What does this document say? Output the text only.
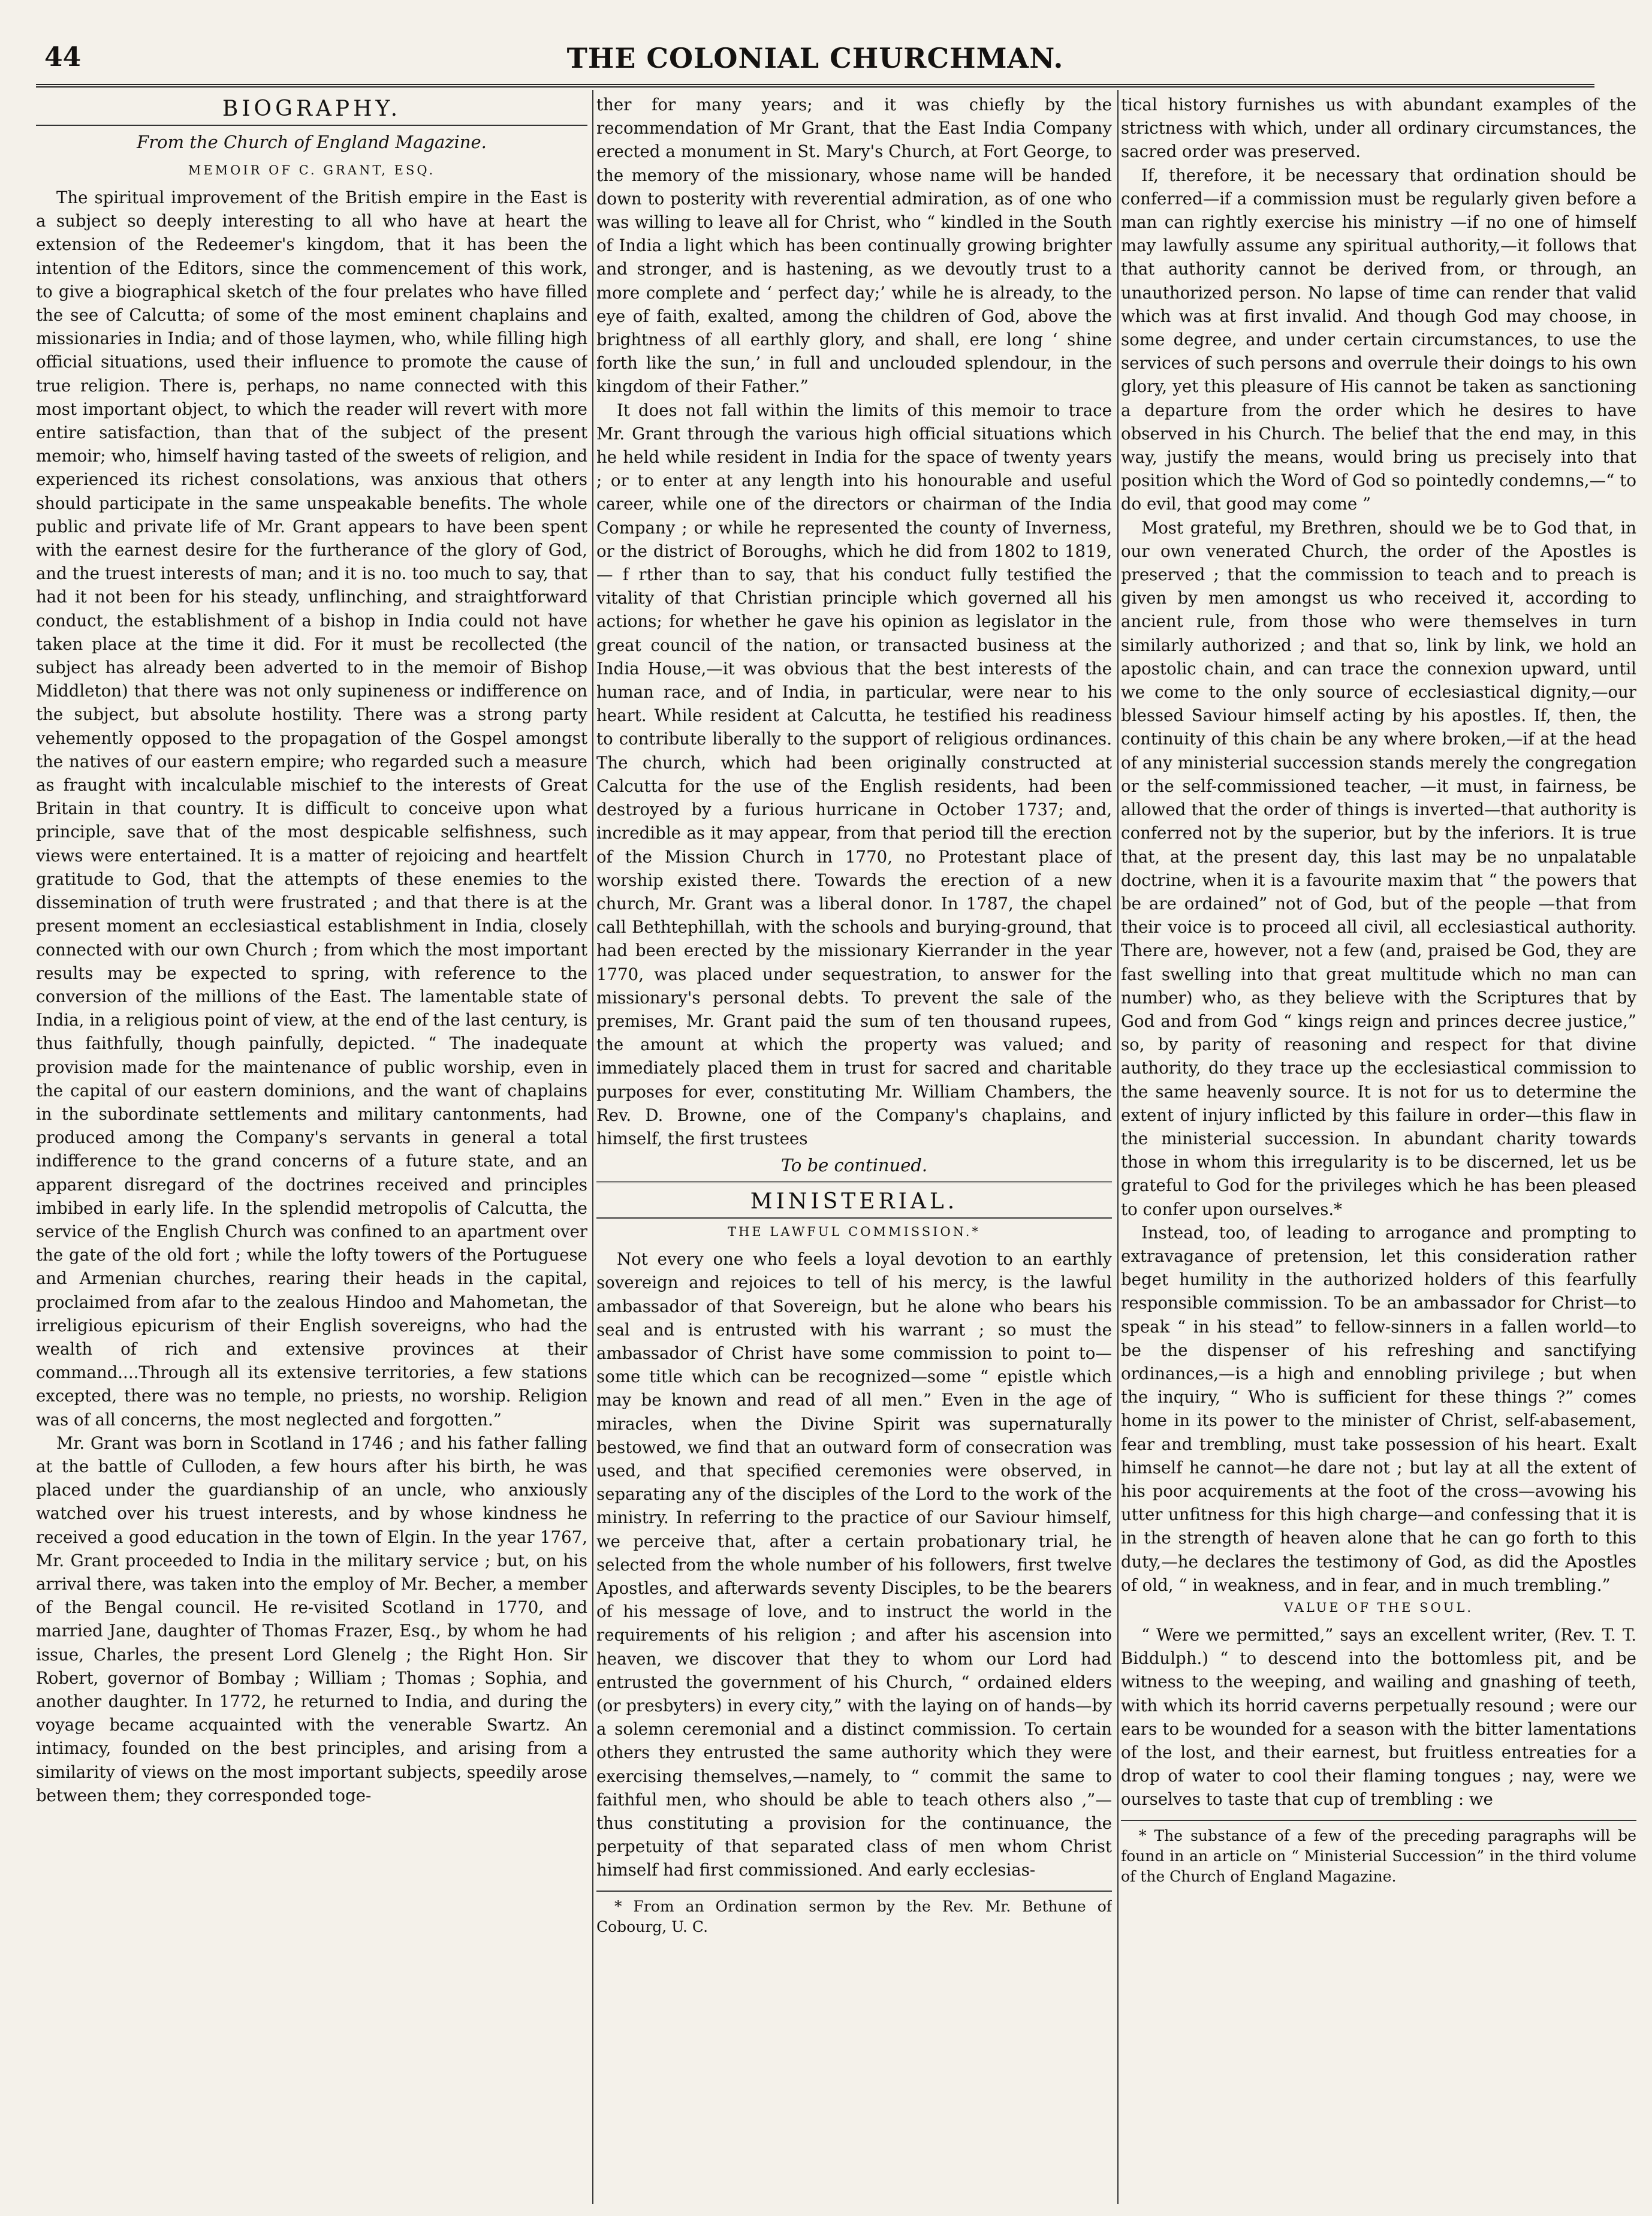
THE COLONIAL CHURCHMAN.
44
BIOGRAPHY.
From the Church of England Magazine.
MEMOIR OF C. GRANT, ESQ.

The spiritual improvement of the British empire in the East is a subject so deeply interesting to all who have at heart the extension of the Redeemer's kingdom, that it has been the intention of the Editors, since the commencement of this work, to give a biographical sketch of the four prelates who have filled the see of Calcutta; of some of the most eminent chaplains and missionaries in India; and of those laymen, who, while filling high official situations, used their influence to promote the cause of true religion. There is, perhaps, no name connected with this most important object, to which the reader will revert with more entire satisfaction, than that of the subject of the present memoir; who, himself having tasted of the sweets of religion, and experienced its richest consolations, was anxious that others should participate in the same unspeakable benefits. The whole public and private life of Mr. Grant appears to have been spent with the earnest desire for the furtherance of the glory of God, and the truest interests of man; and it is no. too much to say, that had it not been for his steady, unflinching, and straightforward conduct, the establishment of a bishop in India could not have taken place at the time it did. For it must be recollected (the subject has already been adverted to in the memoir of Bishop Middleton) that there was not only supineness or indifference on the subject, but absolute hostility. There was a strong party vehemently opposed to the propagation of the Gospel amongst the natives of our eastern empire; who regarded such a measure as fraught with incalculable mischief to the interests of Great Britain in that country. It is difficult to conceive upon what principle, save that of the most despicable selfishness, such views were entertained. It is a matter of rejoicing and heartfelt gratitude to God, that the attempts of these enemies to the dissemination of truth were frustrated ; and that there is at the present moment an ecclesiastical establishment in India, closely connected with our own Church ; from which the most important results may be expected to spring, with reference to the conversion of the millions of the East. The lamentable state of India, in a religious point of view, at the end of the last century, is thus faithfully, though painfully, depicted. “ The inadequate provision made for the maintenance of public worship, even in the capital of our eastern dominions, and the want of chaplains in the subordinate settlements and military cantonments, had produced among the Company's servants in general a total indifference to the grand concerns of a future state, and an apparent disregard of the doctrines received and principles imbibed in early life. In the splendid metropolis of Calcutta, the service of the English Church was confined to an apartment over the gate of the old fort ; while the lofty towers of the Portuguese and Armenian churches, rearing their heads in the capital, proclaimed from afar to the zealous Hindoo and Mahometan, the irreligious epicurism of their English sovereigns, who had the wealth of rich and extensive provinces at their command....Through all its extensive territories, a few stations excepted, there was no temple, no priests, no worship. Religion was of all concerns, the most neglected and forgotten.”

Mr. Grant was born in Scotland in 1746 ; and his father falling at the battle of Culloden, a few hours after his birth, he was placed under the guardianship of an uncle, who anxiously watched over his truest interests, and by whose kindness he received a good education in the town of Elgin. In the year 1767, Mr. Grant proceeded to India in the military service ; but, on his arrival there, was taken into the employ of Mr. Becher, a member of the Bengal council. He re-visited Scotland in 1770, and married Jane, daughter of Thomas Frazer, Esq., by whom he had issue, Charles, the present Lord Glenelg ; the Right Hon. Sir Robert, governor of Bombay ; William ; Thomas ; Sophia, and another daughter. In 1772, he returned to India, and during the voyage became acquainted with the venerable Swartz. An intimacy, founded on the best principles, and arising from a similarity of views on the most important subjects, speedily arose between them; they corresponded toge-

ther for many years; and it was chiefly by the recommendation of Mr Grant, that the East India Company erected a monument in St. Mary's Church, at Fort George, to the memory of the missionary, whose name will be handed down to posterity with reverential admiration, as of one who was willing to leave all for Christ, who “ kindled in the South of India a light which has been continually growing brighter and stronger, and is hastening, as we devoutly trust to a more complete and ‘ perfect day;’ while he is already, to the eye of faith, exalted, among the children of God, above the brightness of all earthly glory, and shall, ere long ‘ shine forth like the sun,’ in full and unclouded splendour, in the kingdom of their Father.”

It does not fall within the limits of this memoir to trace Mr. Grant through the various high official situations which he held while resident in India for the space of twenty years ; or to enter at any length into his honourable and useful career, while one of the directors or chairman of the India Company ; or while he represented the county of Inverness, or the district of Boroughs, which he did from 1802 to 1819, — f rther than to say, that his conduct fully testified the vitality of that Christian principle which governed all his actions; for whether he gave his opinion as legislator in the great council of the nation, or transacted business at the India House,—it was obvious that the best interests of the human race, and of India, in particular, were near to his heart. While resident at Calcutta, he testified his readiness to contribute liberally to the support of religious ordinances. The church, which had been originally constructed at Calcutta for the use of the English residents, had been destroyed by a furious hurricane in October 1737; and, incredible as it may appear, from that period till the erection of the Mission Church in 1770, no Protestant place of worship existed there. Towards the erection of a new church, Mr. Grant was a liberal donor. In 1787, the chapel call Bethtephillah, with the schools and burying-ground, that had been erected by the missionary Kierrander in the year 1770, was placed under sequestration, to answer for the missionary's personal debts. To prevent the sale of the premises, Mr. Grant paid the sum of ten thousand rupees, the amount at which the property was valued; and immediately placed them in trust for sacred and charitable purposes for ever, constituting Mr. William Chambers, the Rev. D. Browne, one of the Company's chaplains, and himself, the first trustees

To be continued.
MINISTERIAL.
THE LAWFUL COMMISSION.*

Not every one who feels a loyal devotion to an earthly sovereign and rejoices to tell of his mercy, is the lawful ambassador of that Sovereign, but he alone who bears his seal and is entrusted with his warrant ; so must the ambassador of Christ have some commission to point to—some title which can be recognized—some “ epistle which may be known and read of all men.” Even in the age of miracles, when the Divine Spirit was supernaturally bestowed, we find that an outward form of consecration was used, and that specified ceremonies were observed, in separating any of the disciples of the Lord to the work of the ministry. In referring to the practice of our Saviour himself, we perceive that, after a certain probationary trial, he selected from the whole number of his followers, first twelve Apostles, and afterwards seventy Disciples, to be the bearers of his message of love, and to instruct the world in the requirements of his religion ; and after his ascension into heaven, we discover that they to whom our Lord had entrusted the government of his Church, “ ordained elders (or presbyters) in every city,” with the laying on of hands—by a solemn ceremonial and a distinct commission. To certain others they entrusted the same authority which they were exercising themselves,—namely, to “ commit the same to faithful men, who should be able to teach others also ,”—thus constituting a provision for the continuance, the perpetuity of that separated class of men whom Christ himself had first commissioned. And early ecclesias-

* From an Ordination sermon by the Rev. Mr. Bethune of Cobourg, U. C.

tical history furnishes us with abundant examples of the strictness with which, under all ordinary circumstances, the sacred order was preserved.

If, therefore, it be necessary that ordination should be conferred—if a commission must be regularly given before a man can rightly exercise his ministry —if no one of himself may lawfully assume any spiritual authority,—it follows that that authority cannot be derived from, or through, an unauthorized person. No lapse of time can render that valid which was at first invalid. And though God may choose, in some degree, and under certain circumstances, to use the services of such persons and overrule their doings to his own glory, yet this pleasure of His cannot be taken as sanctioning a departure from the order which he desires to have observed in his Church. The belief that the end may, in this way, justify the means, would bring us precisely into that position which the Word of God so pointedly condemns,—“ to do evil, that good may come ”

Most grateful, my Brethren, should we be to God that, in our own venerated Church, the order of the Apostles is preserved ; that the commission to teach and to preach is given by men amongst us who received it, according to ancient rule, from those who were themselves in turn similarly authorized ; and that so, link by link, we hold an apostolic chain, and can trace the connexion upward, until we come to the only source of ecclesiastical dignity,—our blessed Saviour himself acting by his apostles. If, then, the continuity of this chain be any where broken,—if at the head of any ministerial succession stands merely the congregation or the self-commissioned teacher, —it must, in fairness, be allowed that the order of things is inverted—that authority is conferred not by the superior, but by the inferiors. It is true that, at the present day, this last may be no unpalatable doctrine, when it is a favourite maxim that “ the powers that be are ordained” not of God, but of the people —that from their voice is to proceed all civil, all ecclesiastical authority. There are, however, not a few (and, praised be God, they are fast swelling into that great multitude which no man can number) who, as they believe with the Scriptures that by God and from God “ kings reign and princes decree justice,” so, by parity of reasoning and respect for that divine authority, do they trace up the ecclesiastical commission to the same heavenly source. It is not for us to determine the extent of injury inflicted by this failure in order—this flaw in the ministerial succession. In abundant charity towards those in whom this irregularity is to be discerned, let us be grateful to God for the privileges which he has been pleased to confer upon ourselves.*

Instead, too, of leading to arrogance and prompting to extravagance of pretension, let this consideration rather beget humility in the authorized holders of this fearfully responsible commission. To be an ambassador for Christ—to speak “ in his stead” to fellow-sinners in a fallen world—to be the dispenser of his refreshing and sanctifying ordinances,—is a high and ennobling privilege ; but when the inquiry, “ Who is sufficient for these things ?” comes home in its power to the minister of Christ, self-abasement, fear and trembling, must take possession of his heart. Exalt himself he cannot—he dare not ; but lay at all the extent of his poor acquirements at the foot of the cross—avowing his utter unfitness for this high charge—and confessing that it is in the strength of heaven alone that he can go forth to this duty,—he declares the testimony of God, as did the Apostles of old, “ in weakness, and in fear, and in much trembling.”

VALUE OF THE SOUL.

“ Were we permitted,” says an excellent writer, (Rev. T. T. Biddulph.) “ to descend into the bottomless pit, and be witness to the weeping, and wailing and gnashing of teeth, with which its horrid caverns perpetually resound ; were our ears to be wounded for a season with the bitter lamentations of the lost, and their earnest, but fruitless entreaties for a drop of water to cool their flaming tongues ; nay, were we ourselves to taste that cup of trembling : we

* The substance of a few of the preceding paragraphs will be found in an article on “ Ministerial Succession” in the third volume of the Church of England Magazine.
